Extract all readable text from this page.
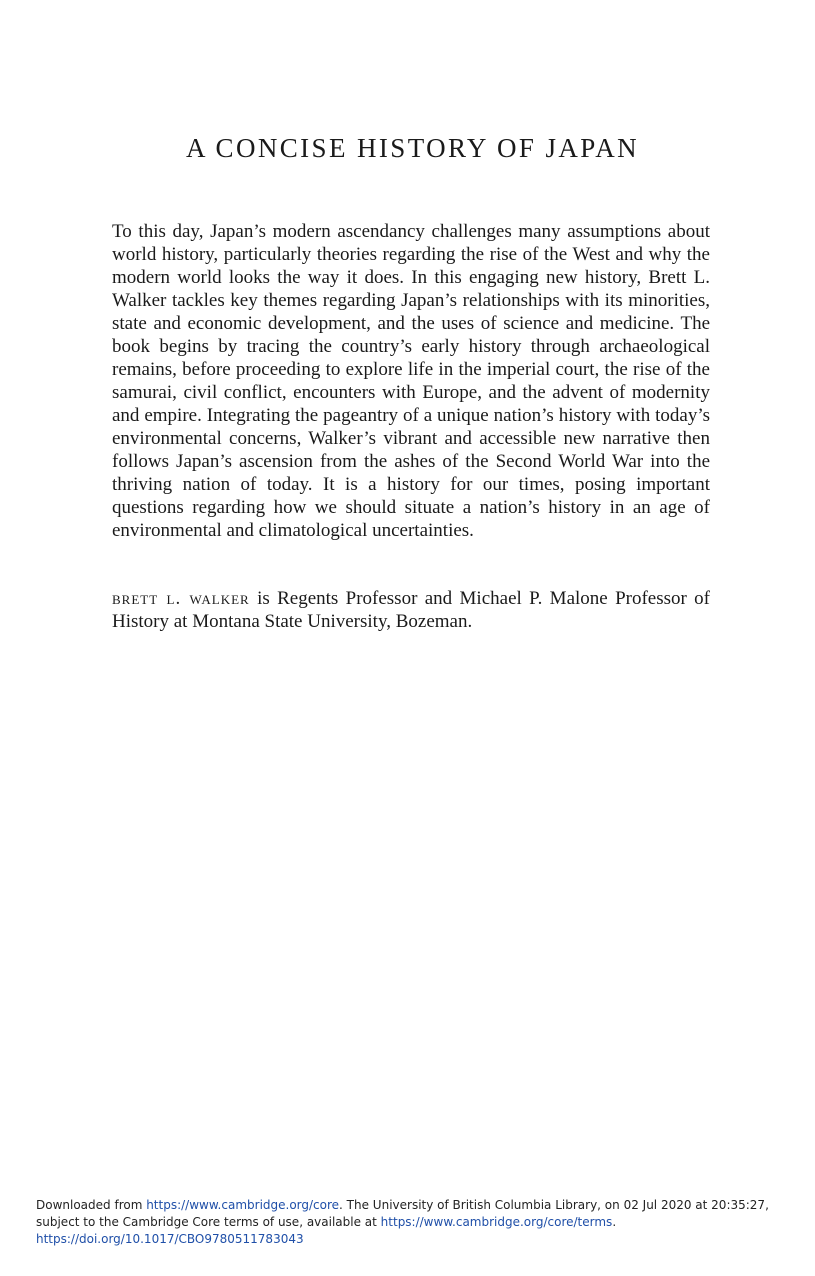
A CONCISE HISTORY OF JAPAN

To this day, Japan’s modern ascendancy challenges many assumptions about world history, particularly theories regarding the rise of the West and why the modern world looks the way it does. In this engaging new history, Brett L. Walker tackles key themes regarding Japan’s relationships with its minorities, state and economic development, and the uses of science and medicine. The book begins by tracing the country’s early history through archaeological remains, before proceeding to explore life in the imperial court, the rise of the samurai, civil conflict, encounters with Europe, and the advent of modernity and empire. Integrating the pageantry of a unique nation’s history with today’s environmental concerns, Walker’s vibrant and accessible new narrative then follows Japan’s ascension from the ashes of the Second World War into the thriving nation of today. It is a history for our times, posing important questions regarding how we should situate a nation’s history in an age of environmental and climatological uncertainties.

brett l. walker is Regents Professor and Michael P. Malone Professor of History at Montana State University, Bozeman.

Downloaded from https://www.cambridge.org/core. The University of British Columbia Library, on 02 Jul 2020 at 20:35:27, subject to the Cambridge Core terms of use, available at https://www.cambridge.org/core/terms.
https://doi.org/10.1017/CBO9780511783043
